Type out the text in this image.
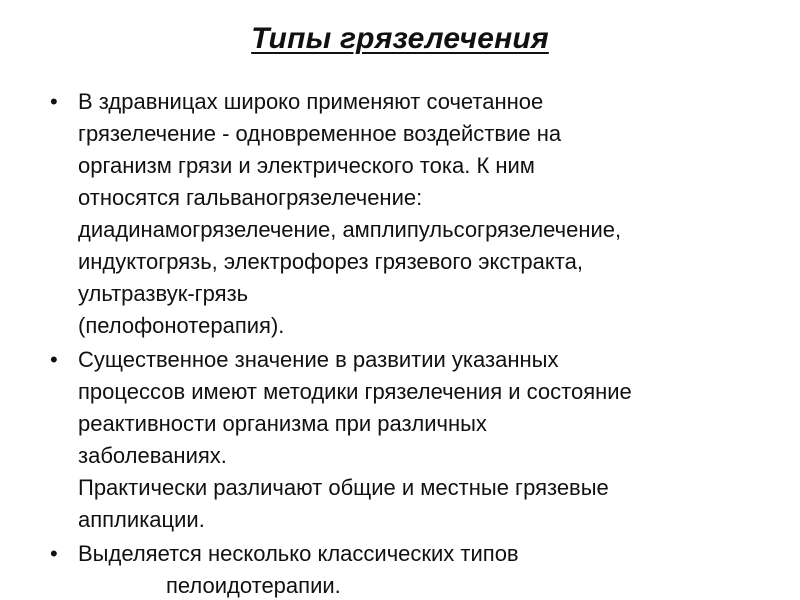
Типы грязелечения
• В здравницах широко применяют сочетанное
грязелечение - одновременное воздействие на
организм грязи и электрического тока. К ним
относятся гальваногрязелечение:
диадинамогрязелечение, амплипульсогрязелечение,
индуктогрязь, электрофорез грязевого экстракта,
ультразвук-грязь
(пелофонотерапия).
• Существенное значение в развитии указанных
процессов имеют методики грязелечения и состояние
реактивности организма при различных
заболеваниях.
Практически различают общие и местные грязевые
аппликации.
• Выделяется несколько классических типов
пелоидотерапии.
